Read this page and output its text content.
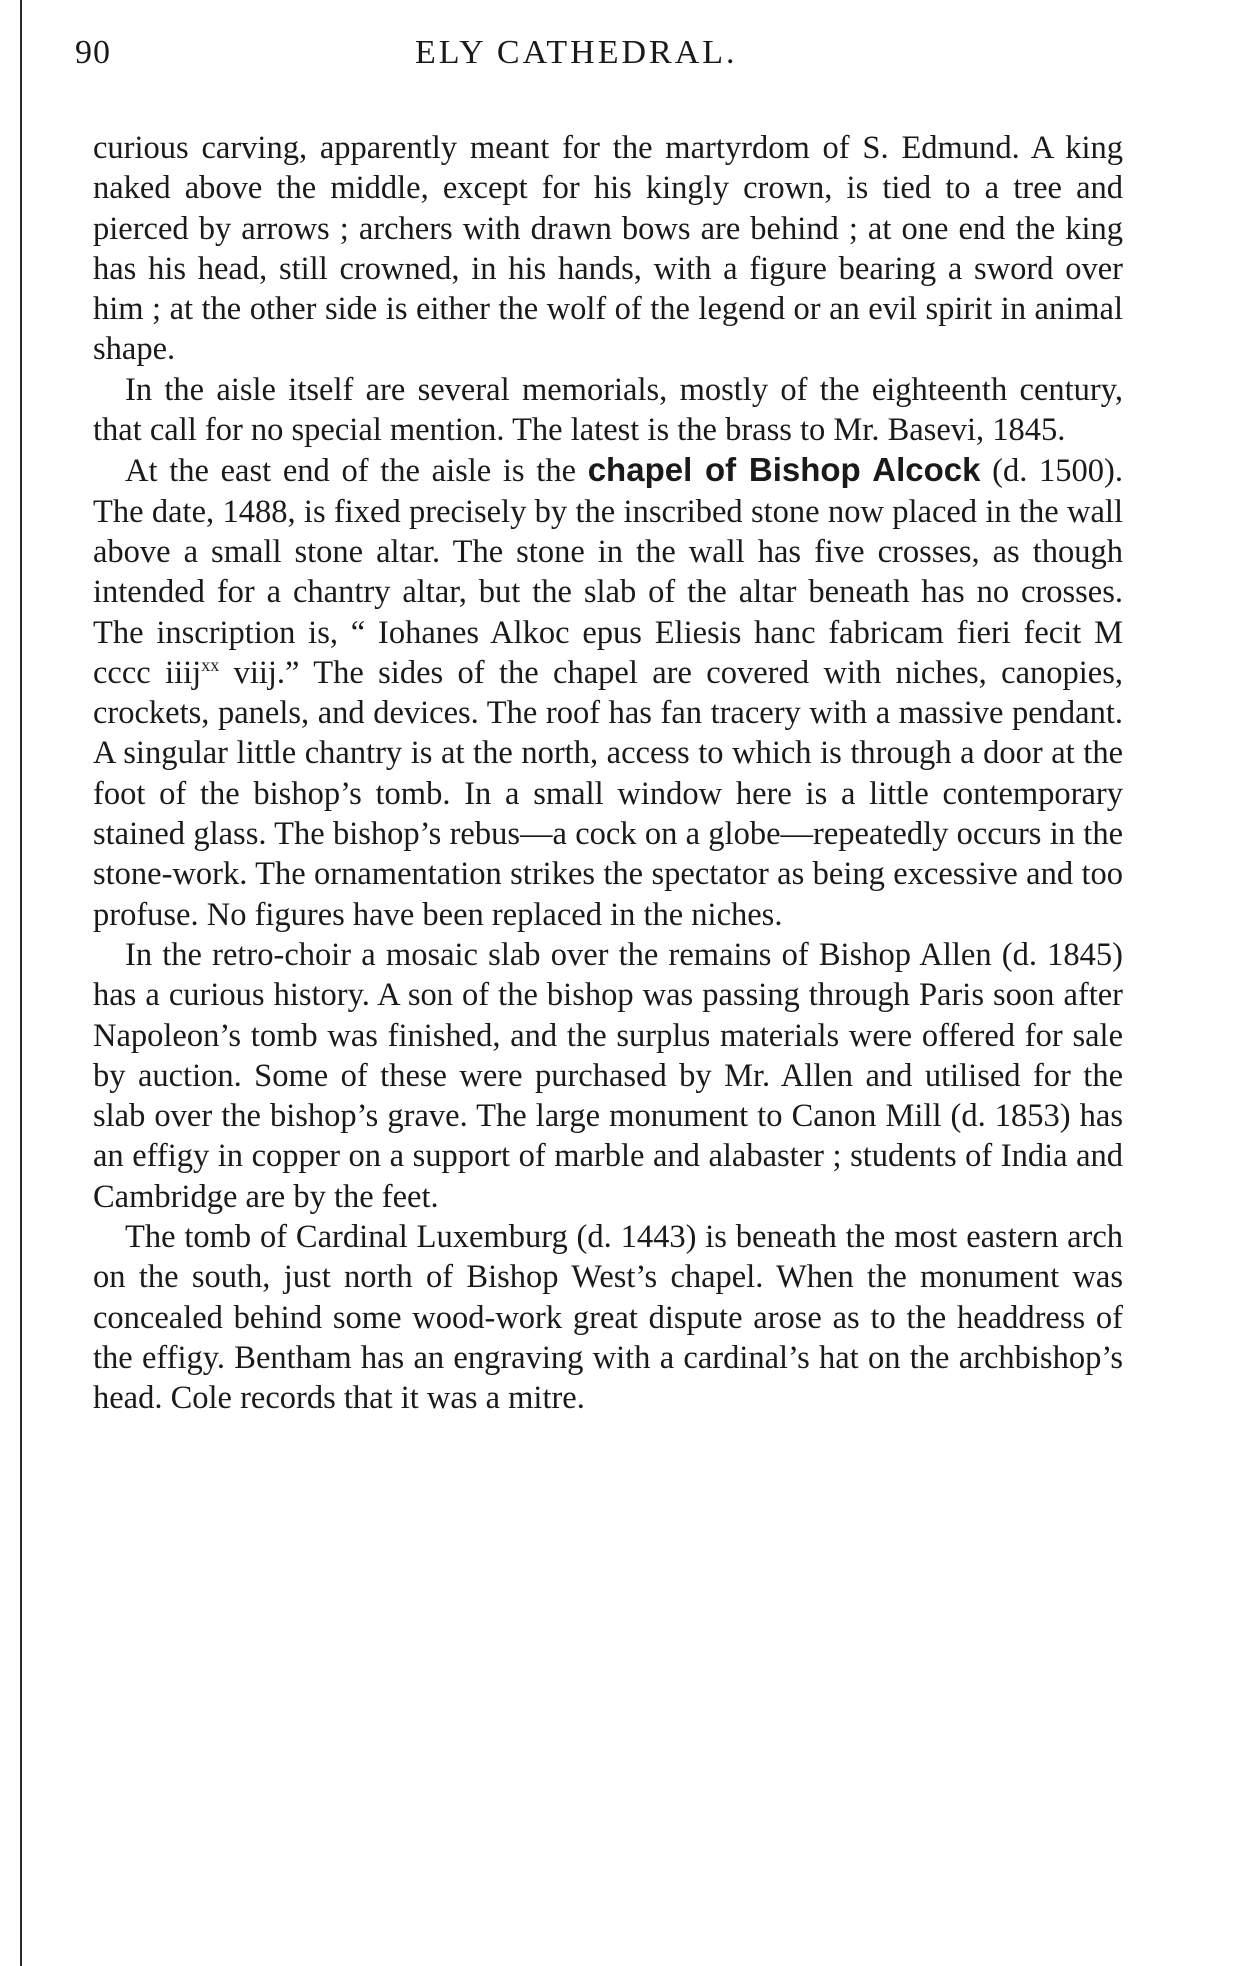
90	ELY CATHEDRAL.

curious carving, apparently meant for the martyrdom of S. Edmund. A king naked above the middle, except for his kingly crown, is tied to a tree and pierced by arrows ; archers with drawn bows are behind ; at one end the king has his head, still crowned, in his hands, with a figure bearing a sword over him ; at the other side is either the wolf of the legend or an evil spirit in animal shape.

In the aisle itself are several memorials, mostly of the eighteenth century, that call for no special mention. The latest is the brass to Mr. Basevi, 1845.

At the east end of the aisle is the chapel of Bishop Alcock (d. 1500). The date, 1488, is fixed precisely by the inscribed stone now placed in the wall above a small stone altar. The stone in the wall has five crosses, as though intended for a chantry altar, but the slab of the altar beneath has no crosses. The inscription is, “ Iohanes Alkoc epus Eliesis hanc fabricam fieri fecit M cccc iiij$^{xx}$ viij.” The sides of the chapel are covered with niches, canopies, crockets, panels, and devices. The roof has fan tracery with a massive pendant. A singular little chantry is at the north, access to which is through a door at the foot of the bishop’s tomb. In a small window here is a little contemporary stained glass. The bishop’s rebus—a cock on a globe—repeatedly occurs in the stone-work. The ornamentation strikes the spectator as being excessive and too profuse. No figures have been replaced in the niches.

In the retro-choir a mosaic slab over the remains of Bishop Allen (d. 1845) has a curious history. A son of the bishop was passing through Paris soon after Napoleon’s tomb was finished, and the surplus materials were offered for sale by auction. Some of these were purchased by Mr. Allen and utilised for the slab over the bishop’s grave. The large monument to Canon Mill (d. 1853) has an effigy in copper on a support of marble and alabaster ; students of India and Cambridge are by the feet.

The tomb of Cardinal Luxemburg (d. 1443) is beneath the most eastern arch on the south, just north of Bishop West’s chapel. When the monument was concealed behind some wood-work great dispute arose as to the headdress of the effigy. Bentham has an engraving with a cardinal’s hat on the archbishop’s head. Cole records that it was a mitre.
